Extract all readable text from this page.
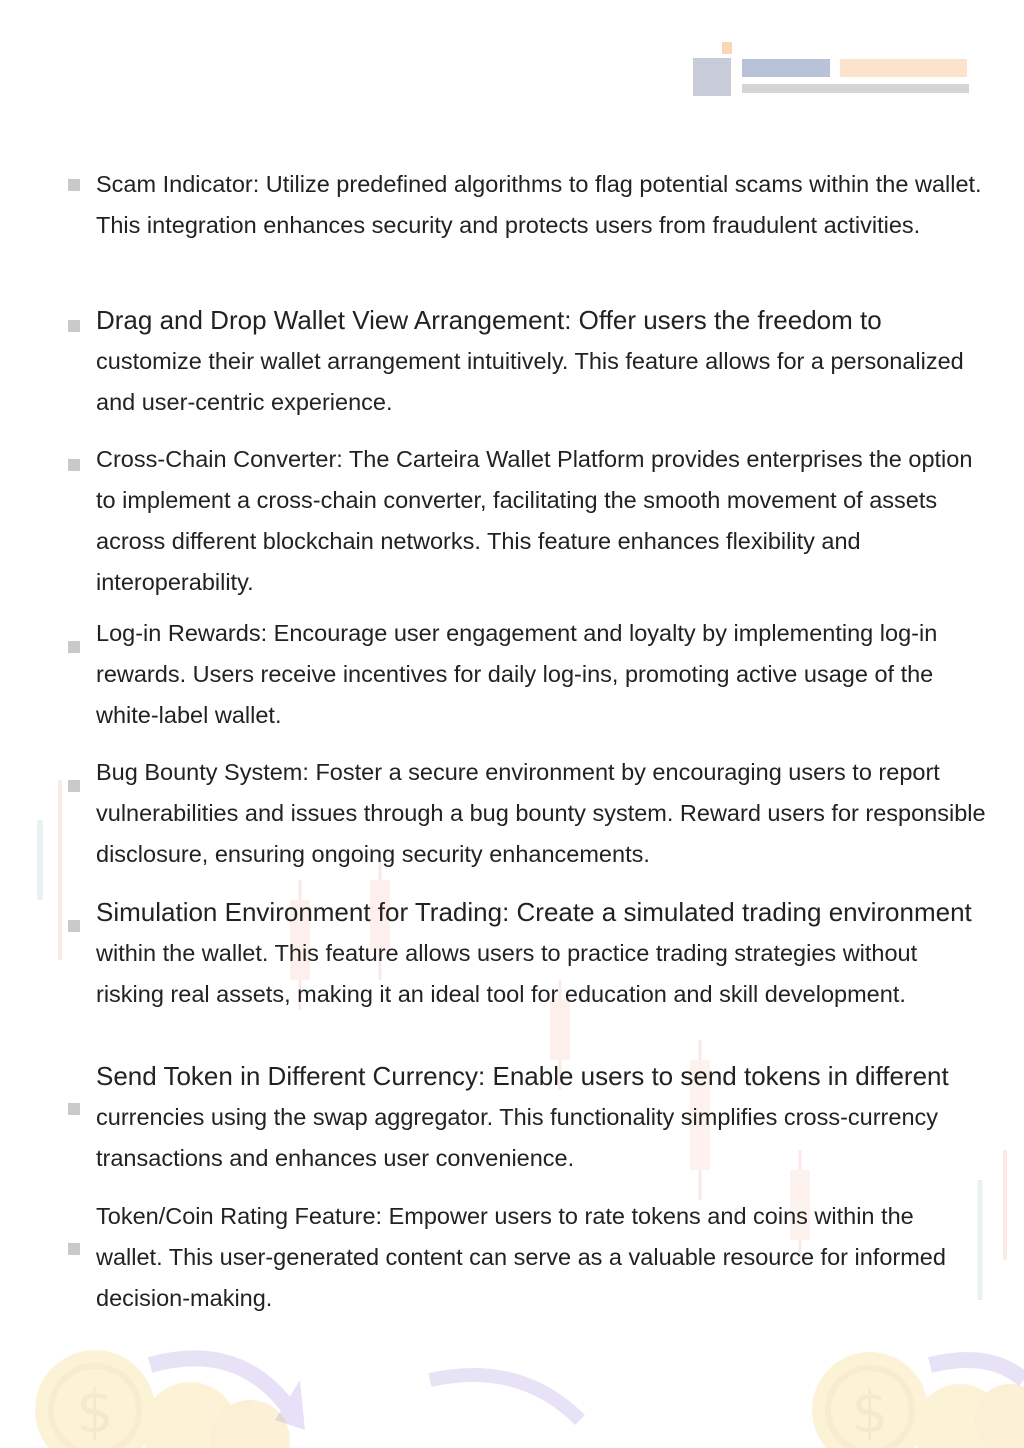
$	$

Scam Indicator: Utilize predefined algorithms to flag potential scams within the wallet. This integration enhances security and protects users from fraudulent activities.

Drag and Drop Wallet View Arrangement: Offer users the freedom to customize their wallet arrangement intuitively. This feature allows for a personalized and user-centric experience.

Cross-Chain Converter: The Carteira Wallet Platform provides enterprises the option to implement a cross-chain converter, facilitating the smooth movement of assets across different blockchain networks. This feature enhances flexibility and interoperability.

Log-in Rewards: Encourage user engagement and loyalty by implementing log-in rewards. Users receive incentives for daily log-ins, promoting active usage of the white-label wallet.

Bug Bounty System: Foster a secure environment by encouraging users to report vulnerabilities and issues through a bug bounty system. Reward users for responsible disclosure, ensuring ongoing security enhancements.

Simulation Environment for Trading: Create a simulated trading environment within the wallet. This feature allows users to practice trading strategies without risking real assets, making it an ideal tool for education and skill development.

Send Token in Different Currency: Enable users to send tokens in different currencies using the swap aggregator. This functionality simplifies cross-currency transactions and enhances user convenience.

Token/Coin Rating Feature: Empower users to rate tokens and coins within the wallet. This user-generated content can serve as a valuable resource for informed decision-making.
